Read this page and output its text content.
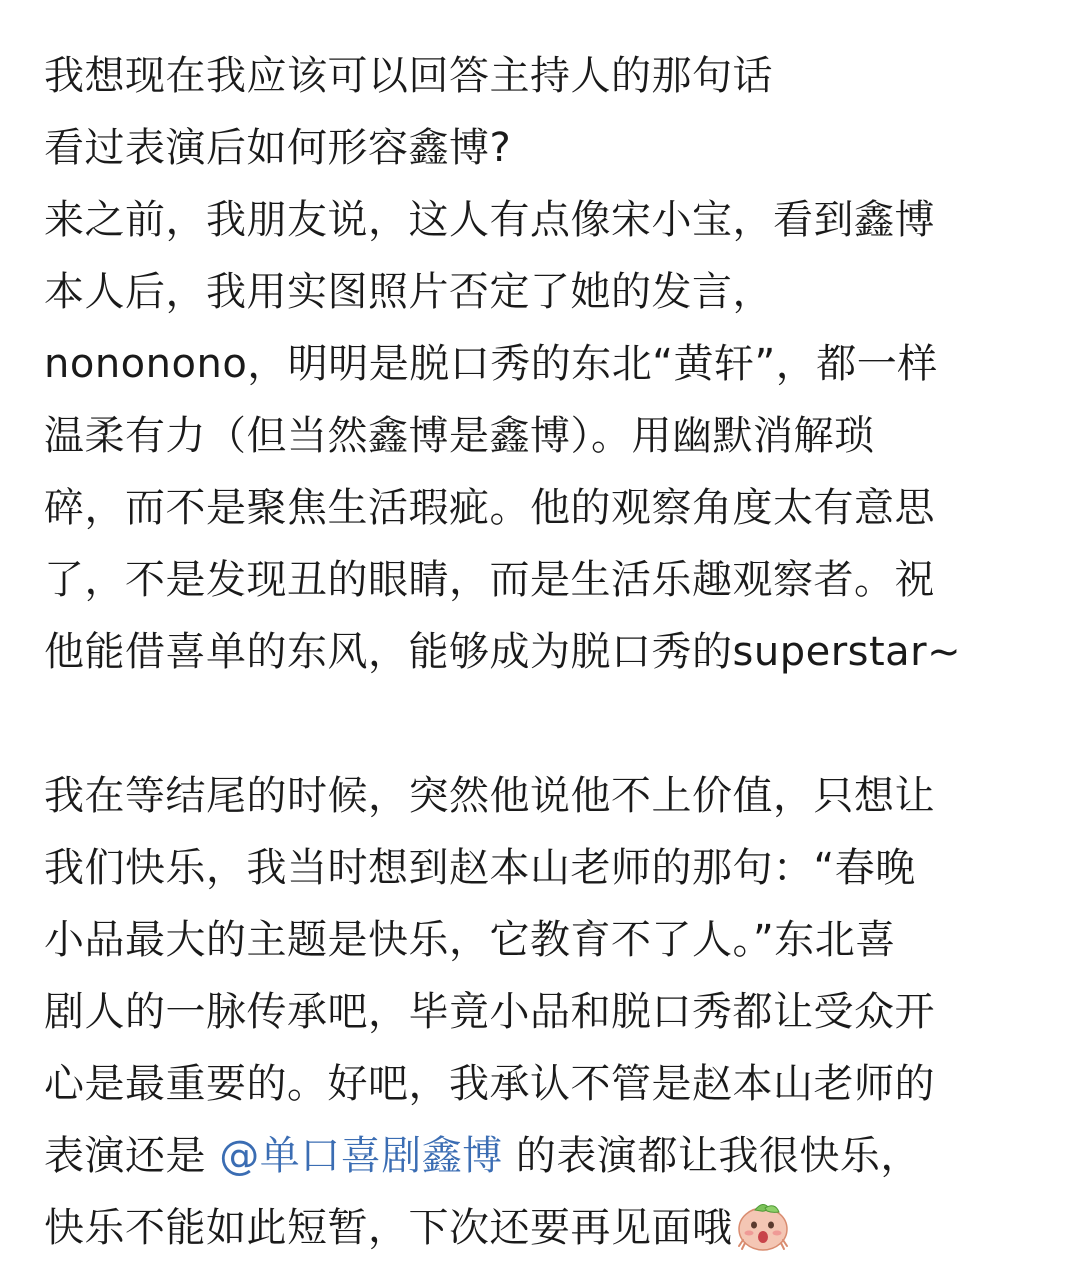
我想现在我应该可以回答主持人的那句话
看过表演后如何形容鑫博?
来之前，我朋友说，这人有点像宋小宝，看到鑫博
本人后，我用实图照片否定了她的发言，
nononono，明明是脱口秀的东北“黄轩”，都一样
温柔有力（但当然鑫博是鑫博）。用幽默消解琐
碎，而不是聚焦生活瑕疵。他的观察角度太有意思
了，不是发现丑的眼睛，而是生活乐趣观察者。祝
他能借喜单的东风，能够成为脱口秀的superstar~
我在等结尾的时候，突然他说他不上价值，只想让
我们快乐，我当时想到赵本山老师的那句：“春晚
小品最大的主题是快乐，它教育不了人。”东北喜
剧人的一脉传承吧，毕竟小品和脱口秀都让受众开
心是最重要的。好吧，我承认不管是赵本山老师的
表演还是 @单口喜剧鑫博 的表演都让我很快乐，
快乐不能如此短暂，下次还要再见面哦
